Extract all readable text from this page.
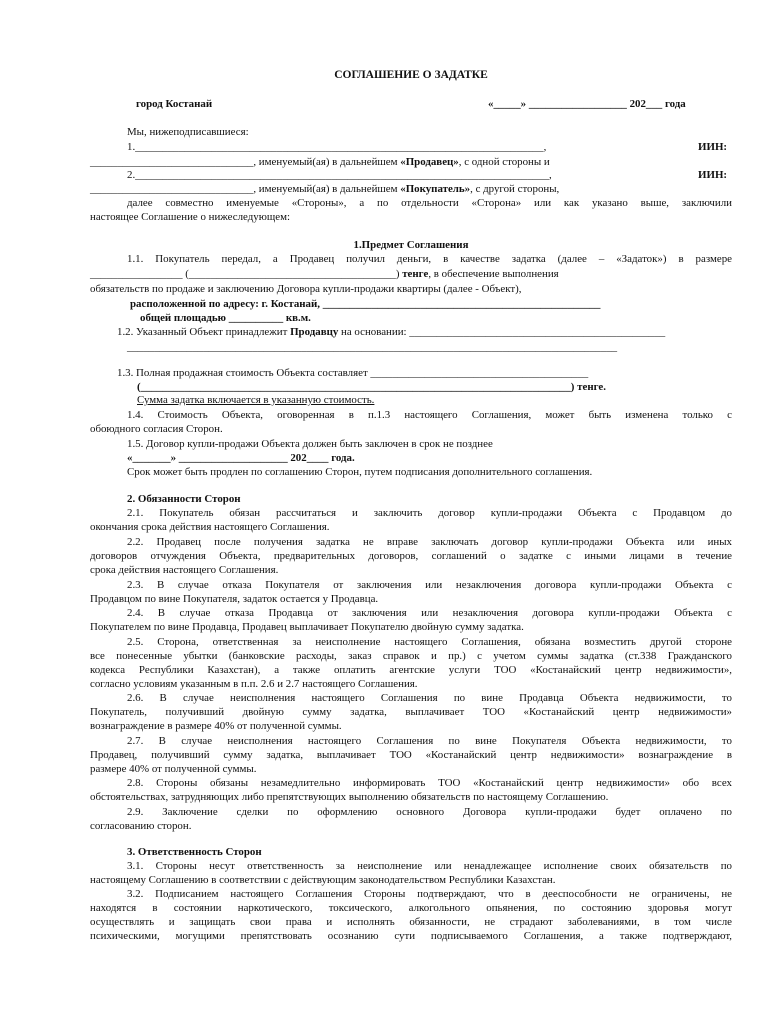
СОГЛАШЕНИЕ О ЗАДАТКЕ
город Костанай	«_____» __________________ 202___ года
Мы, нижеподписавшиеся:
1.___________________________________________________________________________,	ИИН:
______________________________, именуемый(ая) в дальнейшем «Продавец», с одной стороны и
2.____________________________________________________________________________,	ИИН:
______________________________, именуемый(ая) в дальнейшем «Покупатель», с другой стороны,
далее совместно именуемые «Стороны», а по отдельности «Сторона» или как указано выше, заключили
настоящее Соглашение о нижеследующем:
1.Предмет Соглашения
1.1. Покупатель передал, а Продавец получил деньги, в качестве задатка (далее – «Задаток») в размере
_________________ (______________________________________) тенге, в обеспечение выполнения
обязательств по продаже и заключению Договора купли-продажи квартиры (далее - Объект),
расположенной по адресу: г. Костанай, ___________________________________________________
общей площадью __________ кв.м.
1.2. Указанный Объект принадлежит Продавцу на основании: _______________________________________________
__________________________________________________________________________________________
1.3. Полная продажная стоимость Объекта составляет ________________________________________
(_______________________________________________________________________________) тенге.
Сумма задатка включается в указанную стоимость.
1.4. Стоимость Объекта, оговоренная в п.1.3 настоящего Соглашения, может быть изменена только с
обоюдного согласия Сторон.
1.5. Договор купли-продажи Объекта должен быть заключен в срок не позднее
«_______» ____________________ 202____ года.
Срок может быть продлен по соглашению Сторон, путем подписания дополнительного соглашения.
2. Обязанности Сторон
2.1. Покупатель обязан рассчитаться и заключить договор купли-продажи Объекта с Продавцом до
окончания срока действия настоящего Соглашения.
2.2. Продавец после получения задатка не вправе заключать договор купли-продажи Объекта или иных
договоров отчуждения Объекта, предварительных договоров, соглашений о задатке с иными лицами в течение
срока действия настоящего Соглашения.
2.3. В случае отказа Покупателя от заключения или незаключения договора купли-продажи Объекта с
Продавцом по вине Покупателя, задаток остается у Продавца.
2.4. В случае отказа Продавца от заключения или незаключения договора купли-продажи Объекта с
Покупателем по вине Продавца, Продавец выплачивает Покупателю двойную сумму задатка.
2.5. Сторона, ответственная за неисполнение настоящего Соглашения, обязана возместить другой стороне
все понесенные убытки (банковские расходы, заказ справок и пр.) с учетом суммы задатка (ст.338 Гражданского
кодекса Республики Казахстан), а также оплатить агентские услуги ТОО «Костанайский центр недвижимости»,
согласно условиям указанным в п.п. 2.6 и 2.7 настоящего Соглашения.
2.6. В случае неисполнения настоящего Соглашения по вине Продавца Объекта недвижимости, то
Покупатель, получивший двойную сумму задатка, выплачивает ТОО «Костанайский центр недвижимости»
вознаграждение в размере 40% от полученной суммы.
2.7. В случае неисполнения настоящего Соглашения по вине Покупателя Объекта недвижимости, то
Продавец, получивший сумму задатка, выплачивает ТОО «Костанайский центр недвижимости» вознаграждение в
размере 40% от полученной суммы.
2.8. Стороны обязаны незамедлительно информировать ТОО «Костанайский центр недвижимости» обо всех
обстоятельствах, затрудняющих либо препятствующих выполнению обязательств по настоящему Соглашению.
2.9. Заключение сделки по оформлению основного Договора купли-продажи будет оплачено по
согласованию сторон.
3. Ответственность Сторон
3.1. Стороны несут ответственность за неисполнение или ненадлежащее исполнение своих обязательств по
настоящему Соглашению в соответствии с действующим законодательством Республики Казахстан.
3.2. Подписанием настоящего Соглашения Стороны подтверждают, что в дееспособности не ограничены, не
находятся в состоянии наркотического, токсического, алкогольного опьянения, по состоянию здоровья могут
осуществлять и защищать свои права и исполнять обязанности, не страдают заболеваниями, в том числе
психическими, могущими препятствовать осознанию сути подписываемого Соглашения, а также подтверждают,
